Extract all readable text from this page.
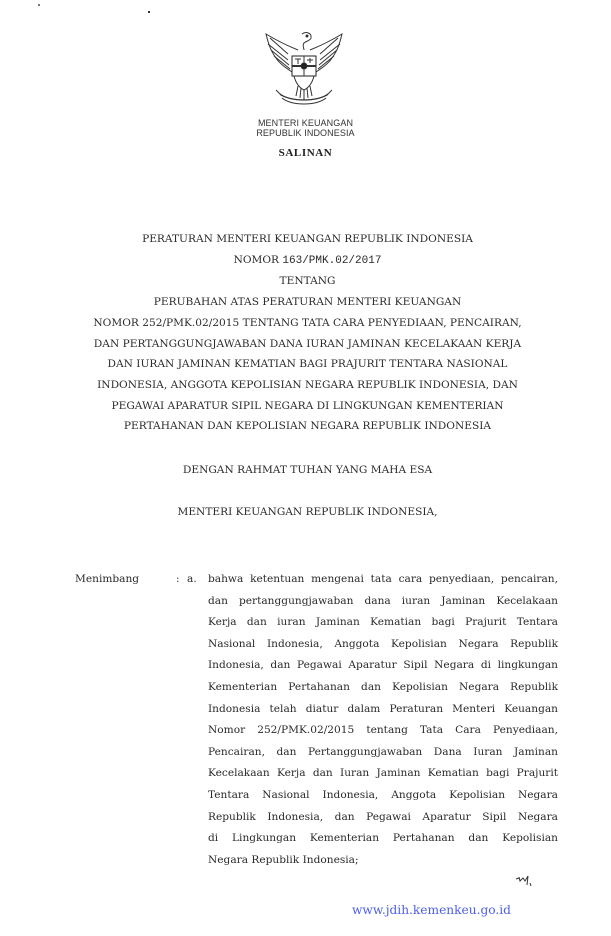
MENTERI KEUANGAN
REPUBLIK INDONESIA
SALINAN
PERATURAN MENTERI KEUANGAN REPUBLIK INDONESIA
NOMOR 163/PMK.02/2017
TENTANG
PERUBAHAN ATAS PERATURAN MENTERI KEUANGAN
NOMOR 252/PMK.02/2015 TENTANG TATA CARA PENYEDIAAN, PENCAIRAN,
DAN PERTANGGUNGJAWABAN DANA IURAN JAMINAN KECELAKAAN KERJA
DAN IURAN JAMINAN KEMATIAN BAGI PRAJURIT TENTARA NASIONAL
INDONESIA, ANGGOTA KEPOLISIAN NEGARA REPUBLIK INDONESIA, DAN
PEGAWAI APARATUR SIPIL NEGARA DI LINGKUNGAN KEMENTERIAN
PERTAHANAN DAN KEPOLISIAN NEGARA REPUBLIK INDONESIA
DENGAN RAHMAT TUHAN YANG MAHA ESA
MENTERI KEUANGAN REPUBLIK INDONESIA,
Menimbang	: a. bahwa ketentuan mengenai tata cara penyediaan, pencairan,
dan pertanggungjawaban dana iuran Jaminan Kecelakaan
Kerja dan iuran Jaminan Kematian bagi Prajurit Tentara
Nasional Indonesia, Anggota Kepolisian Negara Republik
Indonesia, dan Pegawai Aparatur Sipil Negara di lingkungan
Kementerian Pertahanan dan Kepolisian Negara Republik
Indonesia telah diatur dalam Peraturan Menteri Keuangan
Nomor 252/PMK.02/2015 tentang Tata Cara Penyediaan,
Pencairan, dan Pertanggungjawaban Dana Iuran Jaminan
Kecelakaan Kerja dan Iuran Jaminan Kematian bagi Prajurit
Tentara Nasional Indonesia, Anggota Kepolisian Negara
Republik Indonesia, dan Pegawai Aparatur Sipil Negara
di Lingkungan Kementerian Pertahanan dan Kepolisian
Negara Republik Indonesia;
www.jdih.kemenkeu.go.id
